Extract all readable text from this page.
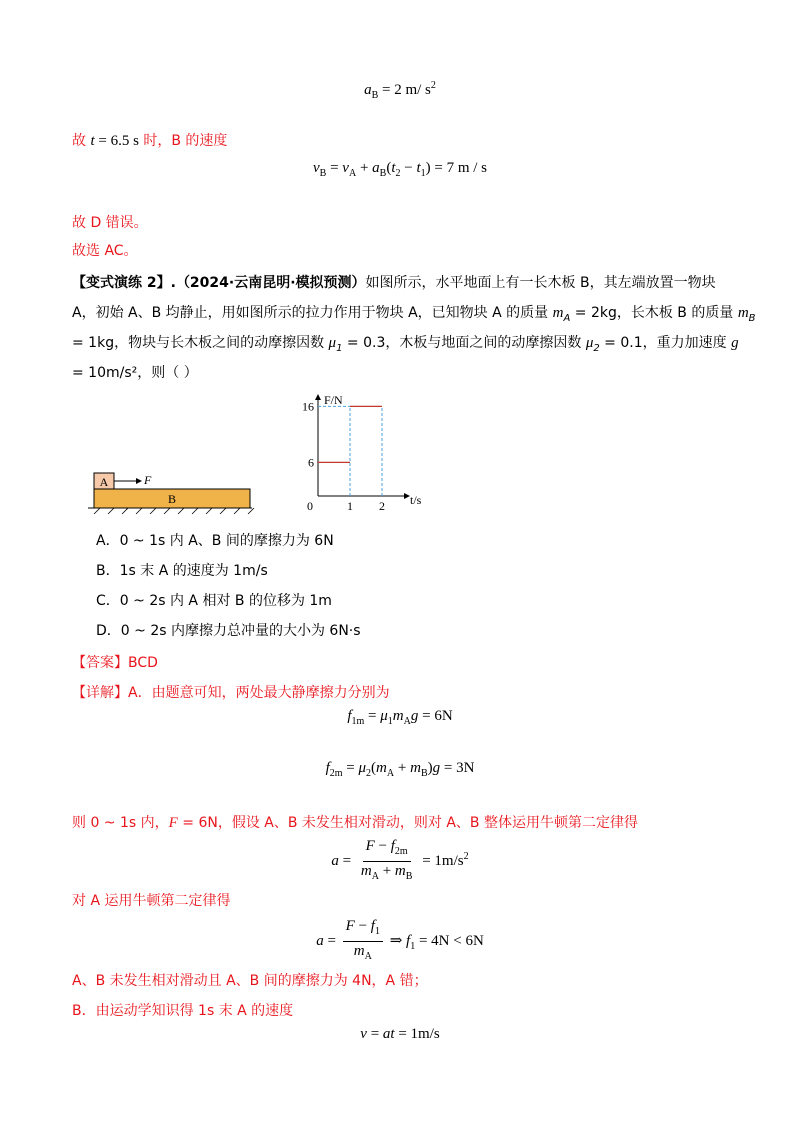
$a_B = 2$ m/ $s^2$
故 t = 6.5 s 时，B 的速度
$v_B = v_A + a_B(t_2 - t_1) = 7$ m / s
故 D 错误。
故选 AC。
【变式演练 2】.（2024·云南昆明·模拟预测）如图所示，水平地面上有一长木板 B，其左端放置一物块
A，初始 A、B 均静止，用如图所示的拉力作用于物块 A，已知物块 A 的质量 $m_A = 2kg$，长木板 B 的质量 $m_B$
= 1kg，物块与长木板之间的动摩擦因数 $\mu_1 = 0.3$，木板与地面之间的动摩擦因数 $\mu_2 = 0.1$，重力加速度 g
= 10m/s²，则（ ）
B
A	F
F/N
t/s
0	1 2
6
16
A．0 ~ 1s 内 A、B 间的摩擦力为 6N
B．1s 末 A 的速度为 1m/s
C．0 ~ 2s 内 A 相对 B 的位移为 1m
D．0 ~ 2s 内摩擦力总冲量的大小为 6N·s
【答案】BCD
【详解】A．由题意可知，两处最大静摩擦力分别为
$f_{1m} = \mu_1m_Ag = 6N$
$f_{2m} = \mu_2(m_A + m_B)g = 3N$
则 0 ~ 1s 内，F = 6N，假设 A、B 未发生相对滑动，则对 A、B 整体运用牛顿第二定律得
$a = \frac{F - f_{2m}}{m_A + m_B} = 1m/s^2$
对 A 运用牛顿第二定律得
$a = \frac{F - f_1}{m_A}$ ⇒ $f_1 = 4N < 6N$
A、B 未发生相对滑动且 A、B 间的摩擦力为 4N，A 错；
B．由运动学知识得 1s 末 A 的速度
v = at = 1m/s
